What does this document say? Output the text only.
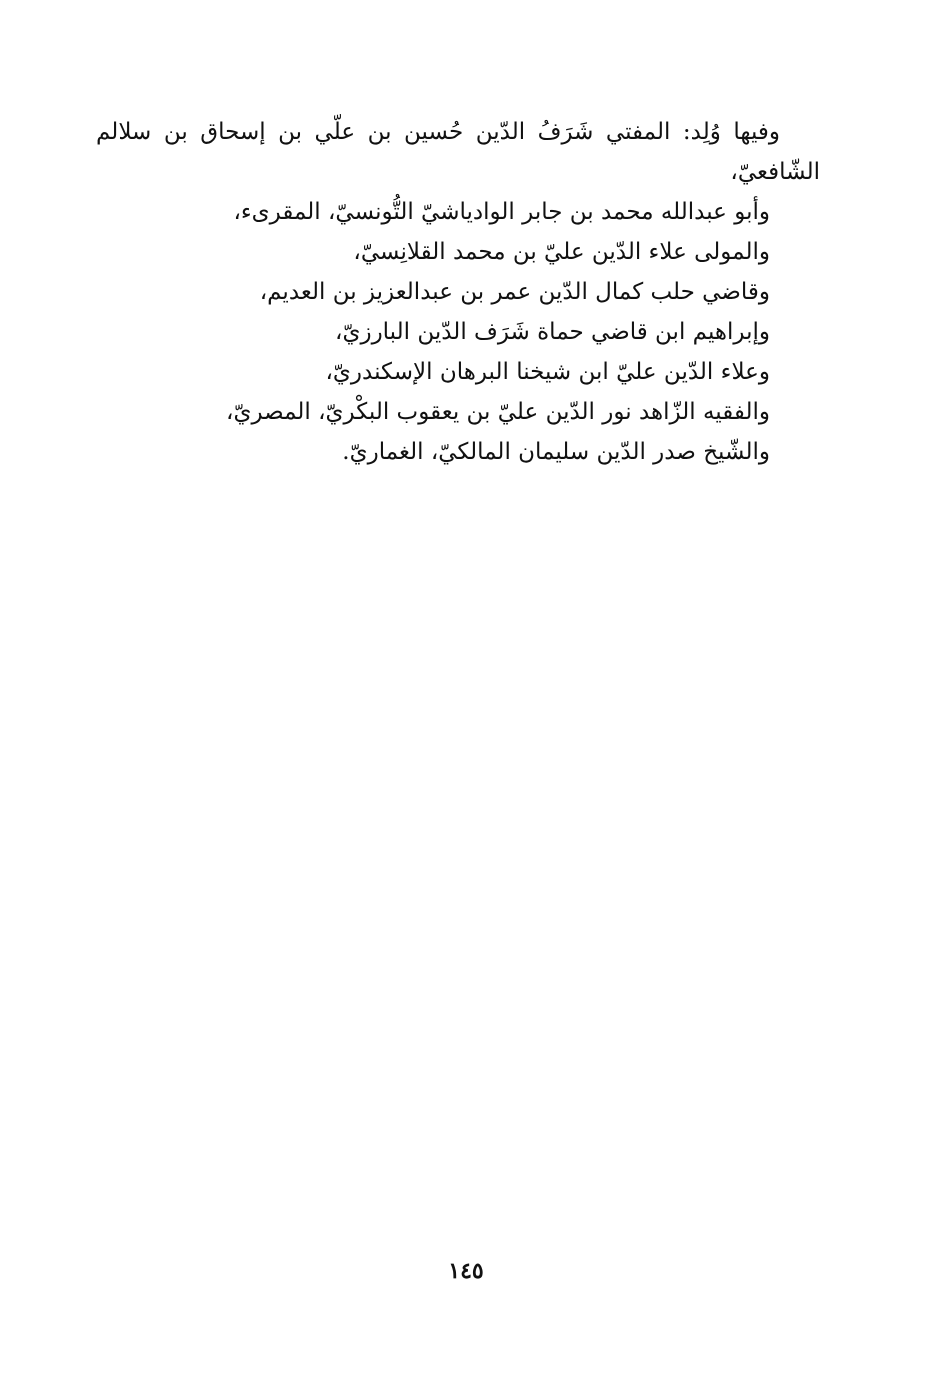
وفيها وُلِد: المفتي شَرَفُ الدّين حُسين بن علّي بن إسحاق بن سلالم
الشّافعيّ،
وأبو عبدالله محمد بن جابر الوادياشيّ التُّونسيّ، المقرىء،
والمولى علاء الدّين عليّ بن محمد القلانِسيّ،
وقاضي حلب كمال الدّين عمر بن عبدالعزيز بن العديم،
وإبراهيم ابن قاضي حماة شَرَف الدّين البارزيّ،
وعلاء الدّين عليّ ابن شيخنا البرهان الإسكندريّ،
والفقيه الزّاهد نور الدّين عليّ بن يعقوب البكْريّ، المصريّ،
والشّيخ صدر الدّين سليمان المالكيّ، الغماريّ.
١٤٥
